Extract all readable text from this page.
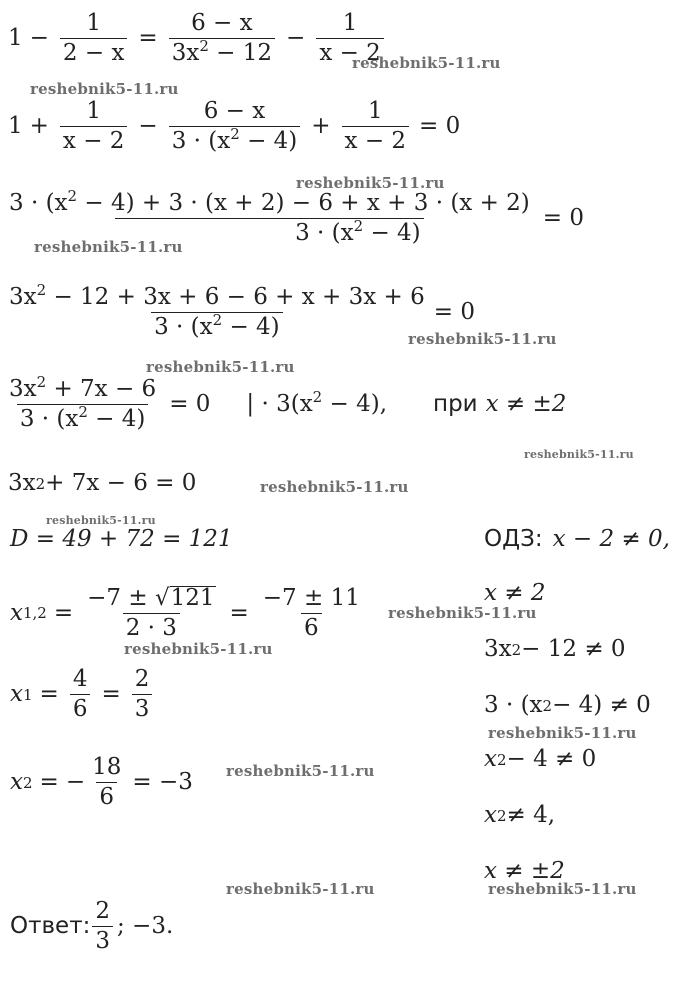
$1 - \frac{1}{2 - x} = \frac{6 - x}{3x^2 - 12} - \frac{1}{x - 2}$
reshebnik5-11.ru
reshebnik5-11.ru
$1 + \frac{1}{x - 2} - \frac{6 - x}{3 \cdot (x^2 - 4)} + \frac{1}{x - 2} = 0$
reshebnik5-11.ru
$\frac{3 \cdot (x^2 - 4) + 3 \cdot (x + 2) - 6 + x + 3 \cdot (x + 2)}{3 \cdot (x^2 - 4)} = 0$
reshebnik5-11.ru
$\frac{3x^2 - 12 + 3x + 6 - 6 + x + 3x + 6}{3 \cdot (x^2 - 4)} = 0$
reshebnik5-11.ru
reshebnik5-11.ru
$\frac{3x^2 + 7x - 6}{3 \cdot (x^2 - 4)} = 0$ | · $3(x^2 - 4)$, при x ≠ ±2
reshebnik5-11.ru
3x 2 + 7x − 6 = 0	reshebnik5-11.ru
reshebnik5-11.ru
D = 49 + 72 = 121	ОДЗ: x − 2 ≠ 0,
x ≠ 2
3x 2 − 12 ≠ 0
3 · (x 2 − 4) ≠ 0
reshebnik5-11.ru
x 2 − 4 ≠ 0
x 2 ≠ 4,
x ≠ ±2
reshebnik5-11.ru
x $1,2 = \frac{-7 \pm √ 121}{2 \cdot 3} = \frac{-7 \pm 11}{6}$ reshebnik5-11.ru
reshebnik5-11.ru
x $1 = \frac{4}{6} = \frac{2}{3}$
x 2 = − $\frac{18}{6} = -3$ reshebnik5-11.ru
reshebnik5-11.ru
Ответ: $\frac{2}{3}$ ; −3.
